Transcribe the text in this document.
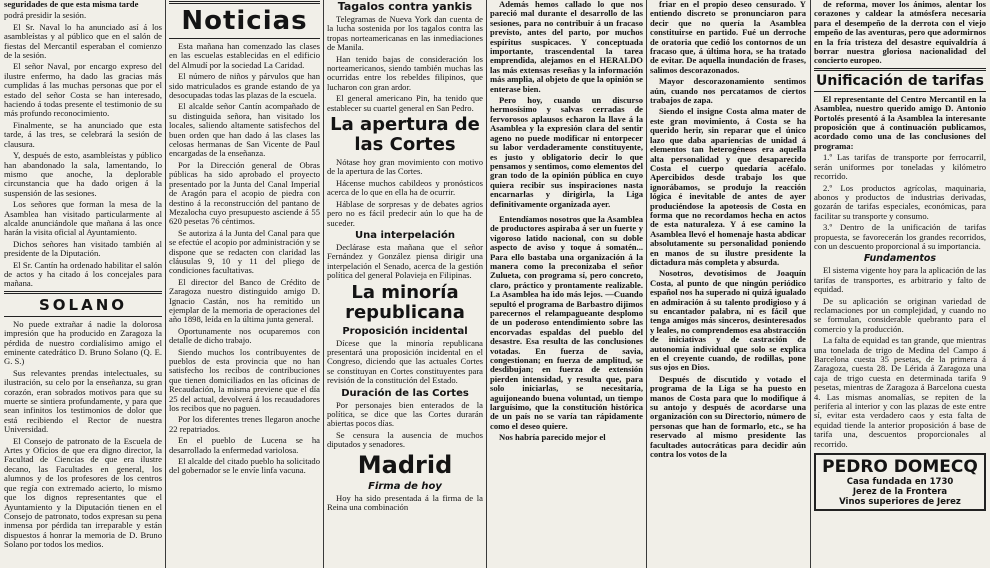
seguridades de que esta misma tarde

podrá presidir la sesión.

El Sr. Naval lo ha anunciado así á los asambleístas y al público que en el salón de fiestas del Mercantil esperaban el comienzo de la sesión.

El señor Naval, por encargo expreso del ilustre enfermo, ha dado las gracias más cumplidas á las muchas personas que por el estado del señor Costa se han interesado, haciendo á todas presente el testimonio de su más profundo reconocimiento.

Finalmente, se ha anunciado que esta tarde, á las tres, se celebrará la sesión de clausura.

Y, después de esto, asambleístas y público han abandonado la sala, lamentando, lo mismo que anoche, la deplorable circunstancia que ha dado origen á la suspensión de las sesiones.

Los señores que forman la mesa de la Asamblea han visitado particularmente al alcalde anunciándole que mañana á las once harán la visita oficial al Ayuntamiento.

Dichos señores han visitado también al presidente de la Diputación.

El Sr. Cantín ha ordenado habilitar el salón de actos y ha citado á los concejales para mañana.

SOLANO

No puede extrañar á nadie la dolorosa impresión que ha producido en Zaragoza la pérdida de nuestro cordialísimo amigo el eminente catedrático D. Bruno Solano (Q. E. G. S.)

Sus relevantes prendas intelectuales, su ilustración, su celo por la enseñanza, su gran corazón, eran sobrados motivos para que su muerte se sintiera profundamente, y para que sean infinitos los testimonios de dolor que está recibiendo el Rector de nuestra Universidad.

El Consejo de patronato de la Escuela de Artes y Oficios de que era digno director, la Facultad de Ciencias de que era ilustre decano, las Facultades en general, los alumnos y de los profesores de los centros que regía con extremado acierto, lo mismo que los dignos representantes que el Ayuntamiento y la Diputación tienen en el Consejo de patronato, todos expresan su pena inmensa por pérdida tan irreparable y están dispuestos á honrar la memoria de D. Bruno Solano por todos los medios.

Noticias

Esta mañana han comenzado las clases en las escuelas establecidas en el edificio del Almudí por la sociedad La Caridad.

El número de niños y párvulos que han sido matriculados es grande estando de ya desocupadas todas las plazas de la escuela.

El alcalde señor Cantín acompañado de su distinguida señora, han visitado los locales, saliendo altamente satisfechos del buen orden que han dado á las clases las celosas hermanas de San Vicente de Paul encargadas de la enseñanza.

Por la Dirección general de Obras públicas ha sido aprobado el proyecto presentado por la Junta del Canal Imperial de Aragón para el acopio de piedra con destino á la reconstrucción del pantano de Mezalocha cuyo presupuesto asciende á 55 620 pesetas 76 céntimos.

Se autoriza á la Junta del Canal para que se efectúe el acopio por administración y se dispone que se redacten con claridad las cláusulas 9, 10 y 11 del pliego de condiciones facultativas.

El director del Banco de Crédito de Zaragoza nuestro distinguido amigo D. Ignacio Castán, nos ha remitido un ejemplar de la memoria de operaciones del año 1898, leída en la última junta general.

Oportunamente nos ocuparemos con detalle de dicho trabajo.

Siendo muchos los contribuyentes de pueblos de esta provincia que no han satisfecho los recibos de contribuciones que tienen domiciliados en las oficinas de Recaudación, la misma previene que el día 25 del actual, devolverá á los recaudadores los recibos que no paguen.

Por los diferentes trenes llegaron anoche 22 repatriados.

En el pueblo de Lucena se ha desarrollado la enfermedad variolosa.

El alcalde del citado pueblo ha solicitado del gobernador se le envíe linfa vacuna.

Tagalos contra yankis

Telegramas de Nueva York dan cuenta de la lucha sostenida por los tagalos contra las tropas norteamericanas en las inmediaciones de Manila.

Han tenido bajas de consideración los norteamericanos, siendo también muchas las ocurridas entre los rebeldes filipinos, que lucharon con gran ardor.

El general americano Pin, ha tenido que establecer su cuartel general en San Pedro.

La apertura de las Cortes

Nótase hoy gran movimiento con motivo de la apertura de las Cortes.

Hácense muchos cabildeos y pronósticos acerca de lo que en ella ha de ocurrir.

Háblase de sorpresas y de debates agrios pero no es fácil predecir aún lo que ha de suceder.

Una interpelación

Declárase esta mañana que el señor Fernández y González piensa dirigir una interpelación el Senado, acerca de la gestión política del general Polavieja en Filipinas.

La minoría republicana
Proposición incidental

Dícese que la minoría republicana presentará una proposición incidental en el Congreso, diciendo que las actuales Cortes se constituyan en Cortes constituyentes para revisión de la constitución del Estado.

Duración de las Cortes

Por personajes bien enterados de la política, se dice que las Cortes durarán abiertas pocos días.

Se censura la ausencia de muchos diputados y senadores.

Madrid
Firma de hoy

Hoy ha sido presentada á la firma de la Reina una combinación

Además hemos callado lo que nos pareció mal durante el desarrollo de las sesiones, para no contribuir á un fracaso previsto, antes del parto, por muchos espíritus suspicaces. Y conceptuada importante, trascendental la tarea emprendida, alejamos en el HERALDO las más extensas reseñas y la información más amplia, al objeto de que la opinión se enterase bien.

Pero hoy, cuando un discurso hermosísimo y salvas cerradas de fervorosos aplausos echaron la llave á la Asamblea y la expresión clara del sentir ageno no puede modificar ni entorpecer su labor verdaderamente constituyente, es justo y obligatorio decir lo que pensamos y sentimos, como elementos del gran todo de la opinión pública en cuyo quiera recibir sus inspiraciones nasta encarnarlas y dirigirla, la Liga definitivamente organizada ayer.

Entendíamos nosotros que la Asamblea de productores aspiraba á ser un fuerte y vigoroso latido nacional, con su doble aspecto de aviso y toque á somatén... Para ello bastaba una organización á la manera como la preconizaba el señor Zulueta, con programa sí, pero concreto, claro, práctico y prontamente realizable. La Asamblea ha ido más lejos. —Cuando sepultó el programa de Barbastro dijimos parecernos el relampagueante desplomo de un poderoso entendimiento sobre las encorvadas espaldas del pueblo del desastre. Esa resulta de las conclusiones votadas. En fuerza de savia, congestionan; en fuerza de amplitud, se desdibujan; en fuerza de extensión pierden intensidad, y resulta que, para solo iniciarlas, se necesitaría, aguijoneando buena voluntad, un tiempo larguísimo, que la constitución histórica de un país no se varía tan rápidamente como el deseo quiere.

Nos habría parecido mejor el

friar en el propio deseo censurado. Y entiendo discreto se pronunciaron para decir que no quería la Asamblea constituirse en partido. Fué un derroche de oratoria que cedió los contornos de un fracaso que, á última hora, se ha tratado de evitar. De aquella inundación de frases, salimos descorazonados.

Mayor descorazonamiento sentimos aún, cuando nos percatamos de ciertos trabajos de zapa.

Siendo el insigne Costa alma mater de este gran movimiento, á Costa se ha querido herir, sin reparar que el único lazo que daba apariencias de unidad á elementos tan heterogéneos era aquella alta personalidad y que desaparecido Costa el cuerpo quedaría acéfalo. Apercibidos desde trabajo los que ignorábamos, se produjo la reacción lógica é inevitable de antes de ayer produciéndose la apoteosis de Costa en forma que no recordamos hecha en actos de esta naturaleza. Y á ese camino la Asamblea llevó el homenaje hasta abdicar absolutamente su personalidad poniendo en manos de su ilustre presidente la dictadura más completa y absurda.

Nosotros, devotísimos de Joaquín Costa, al punto de que ningún periódico español nos ha superado ni quizá igualado en admiración á su talento prodigioso y á su encantador palabra, ni es fácil que tenga amigos más sinceros, desinteresados y leales, no comprendemos esa abstracción de iniciativas y de castración de autonomía individual que solo se explica en el creyente cuando, de rodillas, pone sus ojos en Dios.

Después de discutido y votado el programa de la Liga se ha puesto en manos de Costa para que lo modifique á su antojo y después de acordarse una organización con su Directorio, número de personas que han de formarlo, etc., se ha reservado al mismo presidente las facultades autocráticas para decidir aún contra los votos de la

de reforma, mover los ánimos, alentar los corazones y caldear la atmósfera necesaria para el desempeño de la derrota con el viejo empeño de las aventuras, pero que adormirnos en la fría tristeza del desastre equivaldría á borrar nuestra gloriosa nacionalidad del concierto europeo.

Unificación de tarifas

El representante del Centro Mercantil en la Asamblea, nuestro querido amigo D. Antonio Portolés presentó á la Asamblea la interesante proposición que á continuación publicamos, acordado como una de las conclusiones del programa:

1.º Las tarifas de transporte por ferrocarril, serán uniformes por toneladas y kilómetro recorrido.

2.º Los productos agrícolas, maquinaria, abonos y productos de industrias derivadas, gozarán de tarifas especiales, económicas, para facilitar su transporte y consumo.

3.º Dentro de la unificación de tarifas propuesta, se favorecerán los grandes recorridos, con un descuento proporcional á su importancia.

Fundamentos

El sistema vigente hoy para la aplicación de las tarifas de transportes, es arbitrario y falto de equidad.

De su aplicación se originan variedad de reclamaciones por un complejidad, y cuando no se formulan, considerable quebranto para el comercio y la producción.

La falta de equidad es tan grande, que mientras una tonelada de trigo de Medina del Campo á Barcelona cuesta 35 pesetas, de la primera á Zaragoza, cuesta 28. De Lérida á Zaragoza una caja de trigo cuesta en determinada tarifa 9 pesetas, mientras de Zaragoza á Barcelona cuesta 4. Las mismas anomalías, se repiten de la periferia al interior y con las plazas de este entre sí, evitar esta verdadero caos y esta falta de equidad tiende la anterior proposición á base de tarifa una, descuentos proporcionales al recorrido.

PEDRO DOMECQ
Casa fundada en 1730
Jerez de la Frontera
Vinos superiores de Jerez
